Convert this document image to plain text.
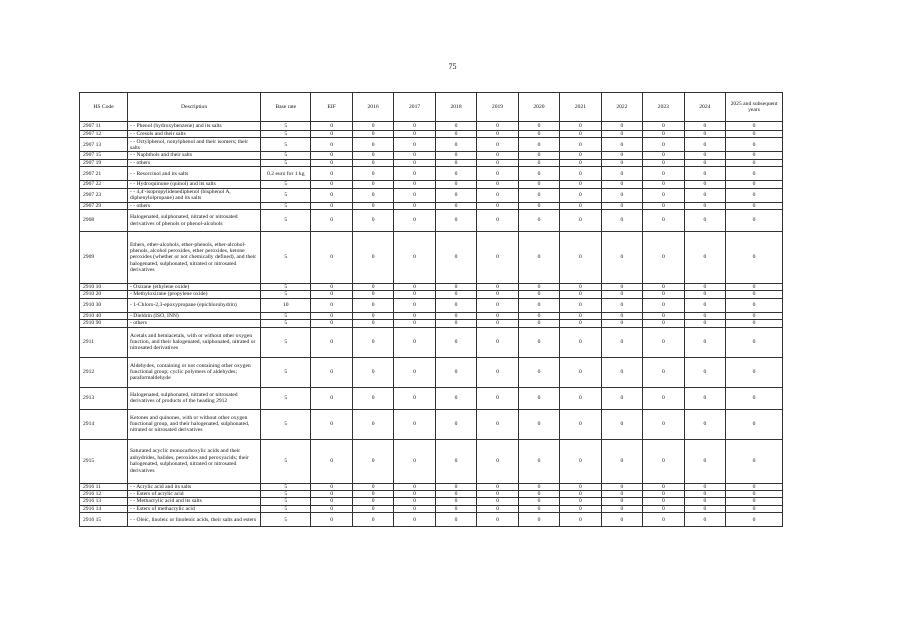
75
HS Code	Description	Base rate	EIF	2016	2017	2018	2019	2020	2021	2022	2023	2024	2025 and subsequent years
2907 11	- - Phenol (hydroxybenzene) and its salts	5	0	0	0	0	0	0	0	0	0	0	0
2907 12	- - Cresols and their salts	5	0	0	0	0	0	0	0	0	0	0	0
2907 13	- - Octylphenol, nonylphenol and their isomers; their salts	5	0	0	0	0	0	0	0	0	0	0	0
2907 15	- - Naphthols and their salts	5	0	0	0	0	0	0	0	0	0	0	0
2907 19	- - others	5	0	0	0	0	0	0	0	0	0	0	0
2907 21	- - Resorcinol and its salts	0.2 euro for 1 kg	0	0	0	0	0	0	0	0	0	0	0
2907 22	- - Hydroquinone (quinol) and its salts	5	0	0	0	0	0	0	0	0	0	0	0
2907 23	- - 4,4'-isopropylidenediphenol (bisphenol A, diphenylolpropane) and its salts	5	0	0	0	0	0	0	0	0	0	0	0
2907 29	- - others	5	0	0	0	0	0	0	0	0	0	0	0
2908	Halogenated, sulphonated, nitrated or nitrosated derivatives of phenols or phenol-alcohols	5	0	0	0	0	0	0	0	0	0	0	0
2909	Ethers, ether-alcohols, ether-phenols, ether-alcohol-phenols, alcohol peroxides, ether peroxides, ketone peroxides (whether or not chemically defined), and their halogenated, sulphonated, nitrated or nitrosated derivatives	5	0	0	0	0	0	0	0	0	0	0	0
2910 10	- Oxirane (ethylene oxide)	5	0	0	0	0	0	0	0	0	0	0	0
2910 20	- Methyloxirane (propylene oxide)	5	0	0	0	0	0	0	0	0	0	0	0
2910 30	- 1-Chloro-2,3-epoxypropane (epichlorohydrin)	10	0	0	0	0	0	0	0	0	0	0	0
2910 40	- Dieldrin (ISO, INN)	5	0	0	0	0	0	0	0	0	0	0	0
2910 90	- others	5	0	0	0	0	0	0	0	0	0	0	0
2911	Acetals and hemiacetals, with or without other oxygen function, and their halogenated, sulphonated, nitrated or nitrosated derivatives	5	0	0	0	0	0	0	0	0	0	0	0
2912	Aldehydes, containing or not containing other oxygen functional group; cyclic polymers of aldehydes; paraformaldehyde	5	0	0	0	0	0	0	0	0	0	0	0
2913	Halogenated, sulphonated, nitrated or nitrosated derivatives of products of the heading 2912	5	0	0	0	0	0	0	0	0	0	0	0
2914	Ketones and quinones, with or without other oxygen functional group, and their halogenated, sulphonated, nitrated or nitrosated derivatives	5	0	0	0	0	0	0	0	0	0	0	0
2915	Saturated acyclic monocarboxylic acids and their anhydrides, halides, peroxides and peroxyacids; their halogenated, sulphonated, nitrated or nitrosated derivatives	5	0	0	0	0	0	0	0	0	0	0	0
2916 11	- - Acrylic acid and its salts	5	0	0	0	0	0	0	0	0	0	0	0
2916 12	- - Esters of acrylic acid	5	0	0	0	0	0	0	0	0	0	0	0
2916 13	- - Methacrylic acid and its salts	5	0	0	0	0	0	0	0	0	0	0	0
2916 14	- - Esters of methacrylic acid	5	0	0	0	0	0	0	0	0	0	0	0
2916 15	- - Oleic, linoleic or linolenic acids, their salts and esters	5	0	0	0	0	0	0	0	0	0	0	0
